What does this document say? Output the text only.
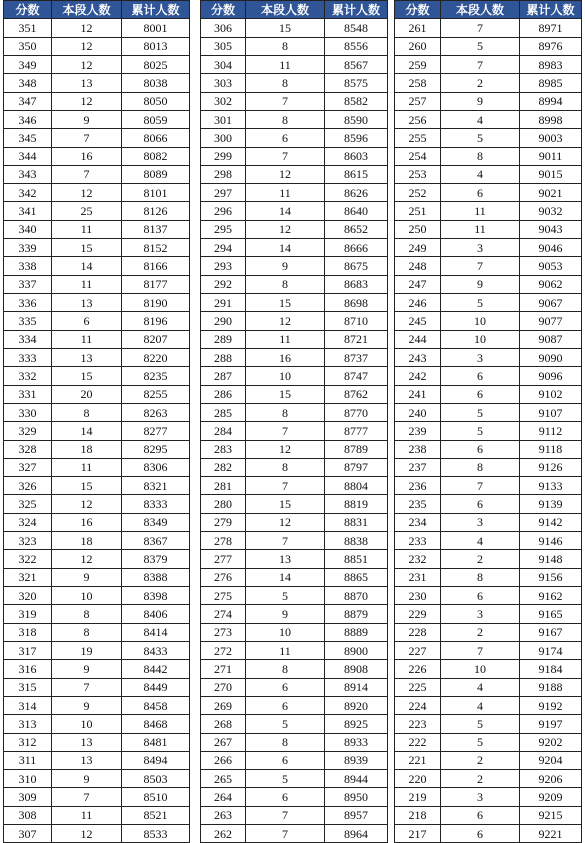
分数	本段人数	累计人数
351	12	8001
350	12	8013
349	12	8025
348	13	8038
347	12	8050
346	9	8059
345	7	8066
344	16	8082
343	7	8089
342	12	8101
341	25	8126
340	11	8137
339	15	8152
338	14	8166
337	11	8177
336	13	8190
335	6	8196
334	11	8207
333	13	8220
332	15	8235
331	20	8255
330	8	8263
329	14	8277
328	18	8295
327	11	8306
326	15	8321
325	12	8333
324	16	8349
323	18	8367
322	12	8379
321	9	8388
320	10	8398
319	8	8406
318	8	8414
317	19	8433
316	9	8442
315	7	8449
314	9	8458
313	10	8468
312	13	8481
311	13	8494
310	9	8503
309	7	8510
308	11	8521
307	12	8533
分数	本段人数	累计人数
306	15	8548
305	8	8556
304	11	8567
303	8	8575
302	7	8582
301	8	8590
300	6	8596
299	7	8603
298	12	8615
297	11	8626
296	14	8640
295	12	8652
294	14	8666
293	9	8675
292	8	8683
291	15	8698
290	12	8710
289	11	8721
288	16	8737
287	10	8747
286	15	8762
285	8	8770
284	7	8777
283	12	8789
282	8	8797
281	7	8804
280	15	8819
279	12	8831
278	7	8838
277	13	8851
276	14	8865
275	5	8870
274	9	8879
273	10	8889
272	11	8900
271	8	8908
270	6	8914
269	6	8920
268	5	8925
267	8	8933
266	6	8939
265	5	8944
264	6	8950
263	7	8957
262	7	8964
分数	本段人数	累计人数
261	7	8971
260	5	8976
259	7	8983
258	2	8985
257	9	8994
256	4	8998
255	5	9003
254	8	9011
253	4	9015
252	6	9021
251	11	9032
250	11	9043
249	3	9046
248	7	9053
247	9	9062
246	5	9067
245	10	9077
244	10	9087
243	3	9090
242	6	9096
241	6	9102
240	5	9107
239	5	9112
238	6	9118
237	8	9126
236	7	9133
235	6	9139
234	3	9142
233	4	9146
232	2	9148
231	8	9156
230	6	9162
229	3	9165
228	2	9167
227	7	9174
226	10	9184
225	4	9188
224	4	9192
223	5	9197
222	5	9202
221	2	9204
220	2	9206
219	3	9209
218	6	9215
217	6	9221
